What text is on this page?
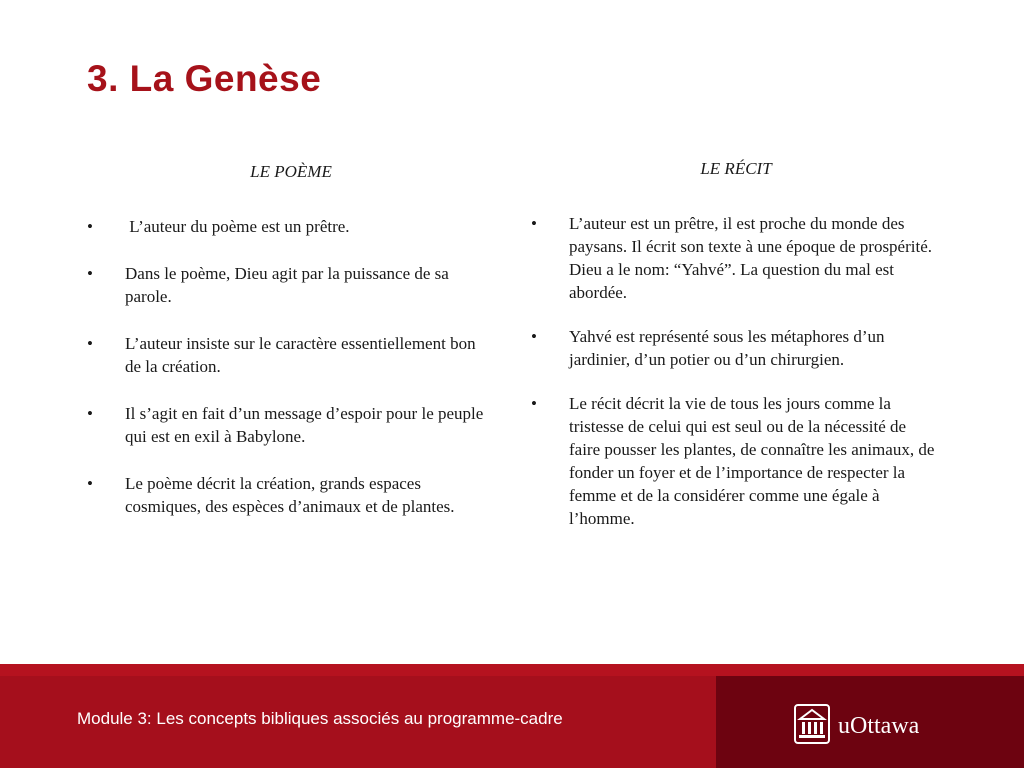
3. La Genèse

LE POÈME

• L’auteur du poème est un prêtre.
• Dans le poème, Dieu agit par la puissance de sa parole.
• L’auteur insiste sur le caractère essentiellement bon de la création.
• Il s’agit en fait d’un message d’espoir pour le peuple qui est en exil à Babylone.
• Le poème décrit la création, grands espaces cosmiques, des espèces d’animaux et de plantes.

LE RÉCIT

• L’auteur est un prêtre, il est proche du monde des paysans. Il écrit son texte à une époque de prospérité. Dieu a le nom: “Yahvé”. La question du mal est abordée.
• Yahvé est représenté sous les métaphores d’un jardinier, d’un potier ou d’un chirurgien.
• Le récit décrit la vie de tous les jours comme la tristesse de celui qui est seul ou de la nécessité de faire pousser les plantes, de connaître les animaux, de fonder un foyer et de l’importance de respecter la femme et de la considérer comme une égale à l’homme.
Module 3: Les concepts bibliques associés au programme-cadre	uOttawa
